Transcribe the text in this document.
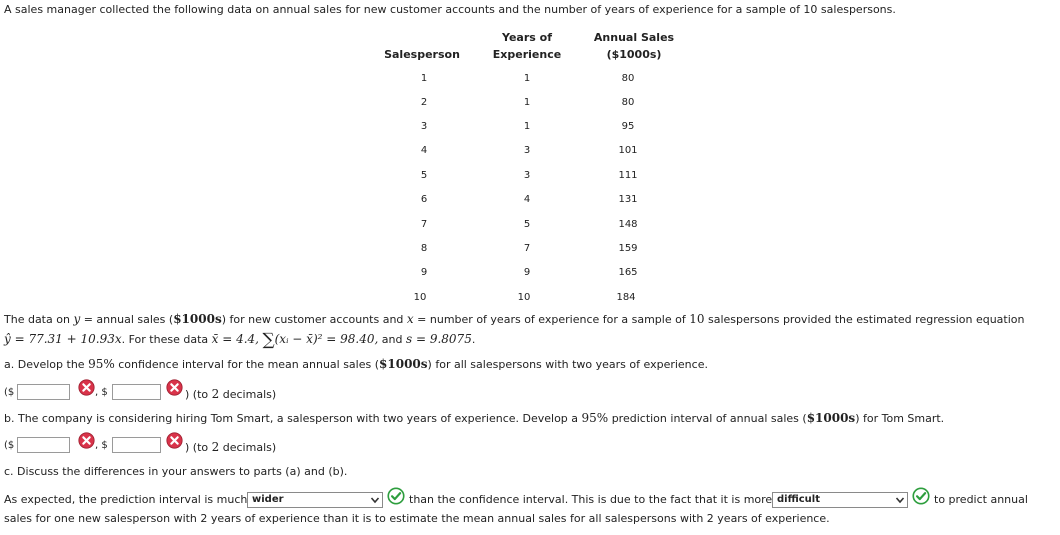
A sales manager collected the following data on annual sales for new customer accounts and the number of years of experience for a sample of 10 salespersons.
Salesperson
Years of
Experience
Annual Sales
($1000s)
1	1	80
2	1	80
3	1	95
4	3	101
5	3	111
6	4	131
7	5	148
8	7	159
9	9	165
10	10	184
The data on y = annual sales ($1000s) for new customer accounts and x = number of years of experience for a sample of 10 salespersons provided the estimated regression equation
ŷ = 77.31 + 10.93x. For these data x̄ = 4.4, ∑(xᵢ − x̄)² = 98.40, and s = 9.8075.
a. Develop the 95% confidence interval for the mean annual sales ($1000s) for all salespersons with two years of experience.
($	, $	) (to 2 decimals)
b. The company is considering hiring Tom Smart, a salesperson with two years of experience. Develop a 95% prediction interval of annual sales ($1000s) for Tom Smart.
($	, $	) (to 2 decimals)
c. Discuss the differences in your answers to parts (a) and (b).
As expected, the prediction interval is much wider	than the confidence interval. This is due to the fact that it is more difficult	to predict annual
sales for one new salesperson with 2 years of experience than it is to estimate the mean annual sales for all salespersons with 2 years of experience.
